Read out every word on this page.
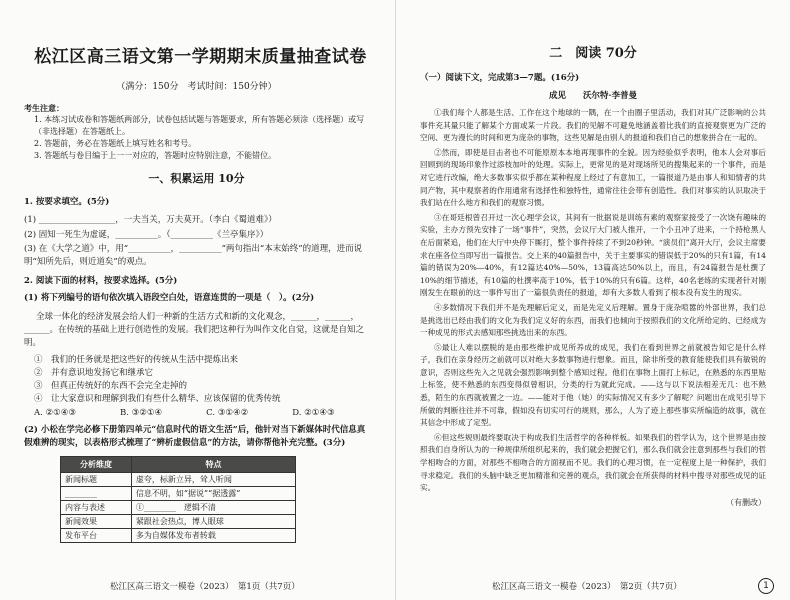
松江区高三语文第一学期期末质量抽查试卷
（满分：150分　考试时间：150分钟）
考生注意：
1. 本练习试成卷和答题纸两部分，试卷包括试题与答题要求，所有答题必须涂（选择题）或写（非选择题）在答题纸上。
2. 答题前，务必在答题纸上填写姓名和考号。
3. 答题纸与卷目编于上一一对应的，答题时应特别注意，不能错位。
一、积累运用 10分
1. 按要求填空。(5分)
(1) __________________，一夫当关，万夫莫开。（李白《蜀道难》）
(2) 固知一死生为虚诞，__________。（__________《兰亭集序》）
(3) 在《大学之道》中，用“__________，__________”两句指出“本末始终”的道理，进而说明“知所先后，则近道矣”的观点。
2. 阅读下面的材料，按要求选择。(5分)
(1) 将下列编号的语句依次填入语段空白处，语意连贯的一项是（　）。(2分)
全球一体化的经济发展会给人们一种新的生活方式和新的文化观念，______，______，______。在传统的基础上进行创造性的发展。我们把这种行为叫作文化自觉，这就是自知之明。
①　我们的任务就是把这些好的传统从生活中提炼出来
②　并有意识地发扬它和继承它
③　但真正传统好的东西不会完全走掉的
④　让大家意识和理解到我们有些什么精华、应该保留的优秀传统
A. ②①④③	B. ③②①④	C. ③①④②	D. ②①④③
(2) 小松在学完必修下册第四单元“信息时代的语文生活”后，他针对当下新媒体时代信息真假难辨的现实，以表格形式梳理了“辨析虚假信息”的方法，请你帮他补充完整。(3分)
分析维度	特点
新闻标题	虚夸，标新立异，耸人听闻
________	信息不明，如“据说”“据透露”
内容与表述	①________　 逻辑不清
新闻效果	紧跟社会热点，博人眼球
发布平台	多为自媒体发布者转载
松江区高三语文一模卷（2023）　第1页（共7页）
二　阅读 70分
（一）阅读下文，完成第3—7题。(16分)
成见　　沃尔特·李普曼

①我们每个人都是生活、工作在这个地球的一隅，在一个由圈子里活动，我们对其广泛影响的公共事件充其量只能了解某个方面或某一片段。我们的见解不可避免地涵盖着比我们的直接观察更为广泛的空间、更为漫长的时间和更为庞杂的事物，这些见解是由别人的报道和我们自己的想象拼合在一起的。

②然而，即使是目击者也不可能原原本本地再现事件的全貌。因为经验似乎表明，他本人会对事后回顾到的现场印象作过添枝加叶的处理。实际上，更常见的是对现场所见的搜集起来的一个事件，而是对它进行改编，绝大多数事实似乎都在某种程度上经过了有意加工，一篇报道乃是由事人和知情者的共同产物，其中观察者的作用通常有选择性和独特性，通常往往会带有创造性。我们对事实的认识取决于我们站在什么地方和我们的观察习惯。

③在哥廷根曾召开过一次心理学会议，其间有一批据说是训练有素的观察家接受了一次饶有趣味的实验，主办方预先安排了一场“事件”，突然，会议厅大门被人推开，一个小丑冲了进来，一个持枪黑人在后面紧追，他们在大厅中央停下厮打，整个事件持续了不到20秒钟。“演员们”离开大厅，会议主席要求在座各位当即写出一篇报告。交上来的40篇报告中，关于主要事实的错误低于20%的只有1篇，有14篇的错误为20%—40%，有12篇达40%—50%，13篇高达50%以上，而且，有24篇报告是杜撰了10%的细节描述，有10篇的杜撰率高于10%，低于10%的只有6篇。这样，40名老练的实现者针对刚刚发生在眼前的这一事件写出了一篇很负责任的报道，却有大多数人看到了根本没有发生的现实。

④多数情况下我们并不是先理解后定义，而是先定义后理解。置身于庞杂喧嚣的外部世界，我们总是挑选出已经由我们的文化为我们定义好的东西，而我们也倾向于按照我们的文化所给定的、已经成为一种成见的形式去感知那些挑选出来的东西。

⑤最让人难以摆脱的是由那些维护成见所养成的成见，我们在看到世界之前就被告知它是什么样子，我们在亲身经历之前就可以对绝大多数事物进行想象。而且，除非所受的教育能使我们具有敏锐的意识，否则这些先入之见就会强烈影响到整个感知过程。他们在事物上面打上标记，在熟悉的东西里贴上标签，使不熟悉的东西变得似曾相识，分类的行为就此完成。——这与以下说法相差无几：也不熟悉，陌生的东西就被置之一边。——能对于他（她）的实际情况又有多少了解呢？问题出在成见引导下所做的判断往往并不可靠，假如没有切实可行的规则，那么，人为了迹上那些事实所编造的故事，就在其信念中形成了定型。

⑥但这些规则最终要取决于构成我们生活哲学的各种样板。如果我们的哲学认为，这个世界是由按照我们自身所认为的一种规律所组织起来的，我们就会把握它们，那么我们就会注意到那些与我们的哲学相吻合的方面，对那些不相吻合的方面视而不见。我们的心理习惯，在一定程度上是一种保护，我们寻求稳定。我们的头脑中缺乏更加精准和完善的观点，我们就会在所获得的材料中搜寻对那些成见的证实。

（有删改）
松江区高三语文一模卷（2023）　第2页（共7页）	1
